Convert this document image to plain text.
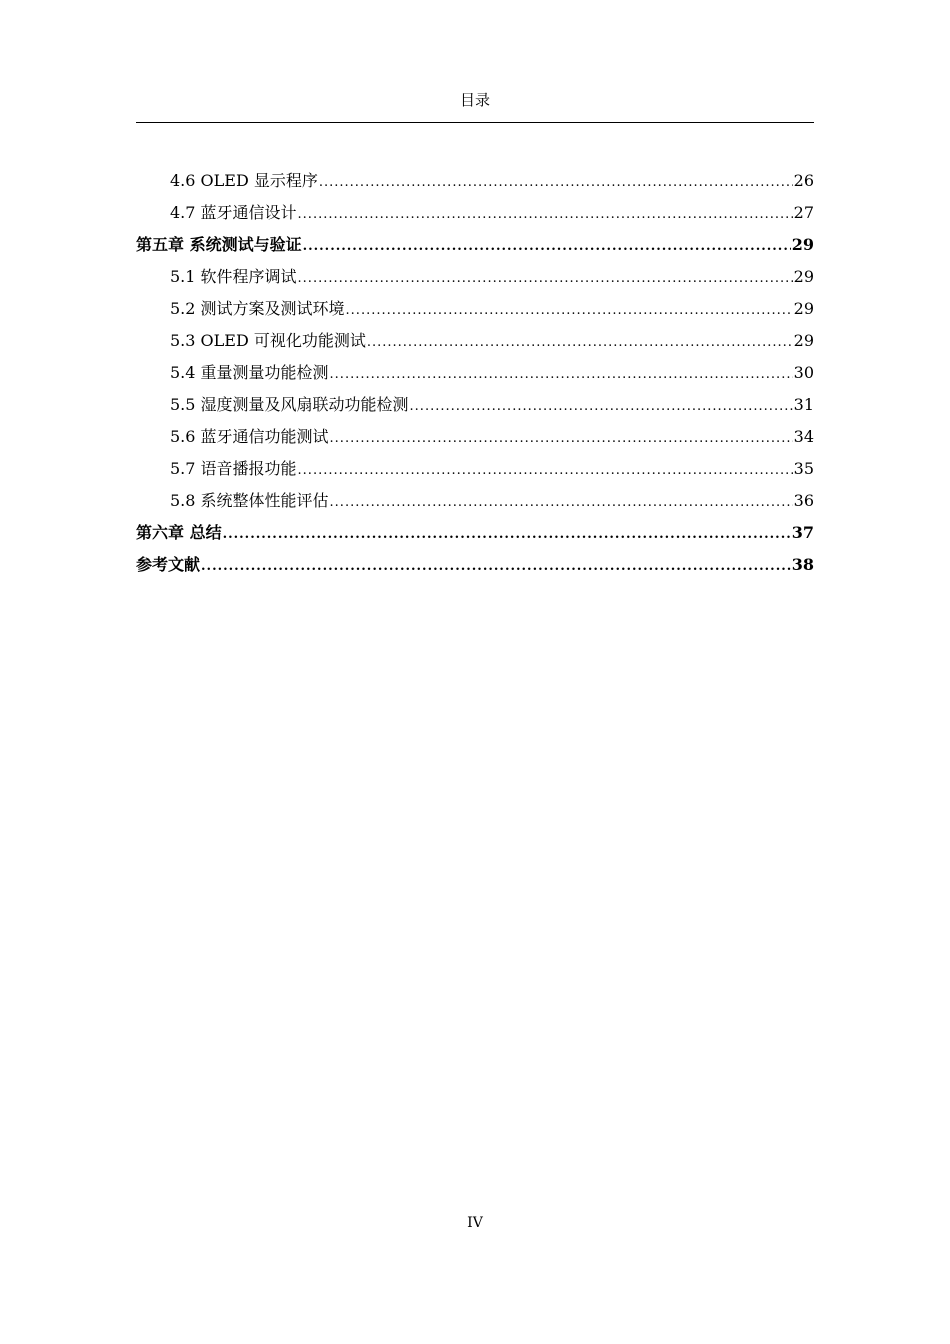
目录
4.6 OLED 显示程序 .....	26
4.7 蓝牙通信设计 .....	27
第五章 系统测试与验证 .....	29
5.1 软件程序调试 .....	29
5.2 测试方案及测试环境 .....	29
5.3 OLED 可视化功能测试 .....	29
5.4 重量测量功能检测 .....	30
5.5 湿度测量及风扇联动功能检测 .....	31
5.6 蓝牙通信功能测试 .....	34
5.7 语音播报功能 .....	35
5.8 系统整体性能评估 .....	36
第六章 总结 .....	37
参考文献 .....	38
IV
